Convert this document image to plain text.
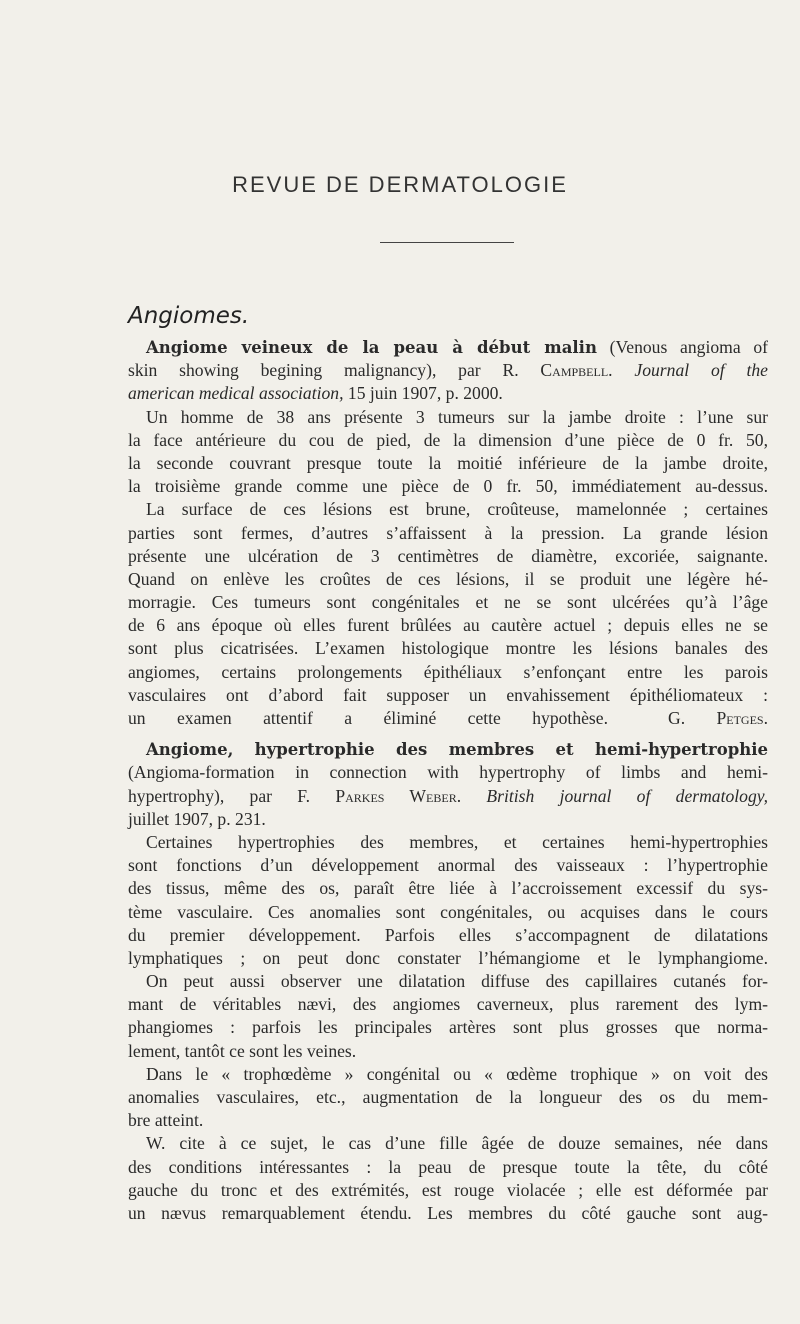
REVUE DE DERMATOLOGIE
Angiomes.
Angiome veineux de la peau à début malin (Venous angioma of
skin showing begining malignancy), par R. Campbell. Journal of the
american medical association, 15 juin 1907, p. 2000.
Un homme de 38 ans présente 3 tumeurs sur la jambe droite : l’une sur
la face antérieure du cou de pied, de la dimension d’une pièce de 0 fr. 50,
la seconde couvrant presque toute la moitié inférieure de la jambe droite,
la troisième grande comme une pièce de 0 fr. 50, immédiatement au-dessus.
La surface de ces lésions est brune, croûteuse, mamelonnée ; certaines
parties sont fermes, d’autres s’affaissent à la pression. La grande lésion
présente une ulcération de 3 centimètres de diamètre, excoriée, saignante.
Quand on enlève les croûtes de ces lésions, il se produit une légère hé-
morragie. Ces tumeurs sont congénitales et ne se sont ulcérées qu’à l’âge
de 6 ans époque où elles furent brûlées au cautère actuel ; depuis elles ne se
sont plus cicatrisées. L’examen histologique montre les lésions banales des
angiomes, certains prolongements épithéliaux s’enfonçant entre les parois
vasculaires ont d’abord fait supposer un envahissement épithéliomateux :
un examen attentif a éliminé cette hypothèse.	G. Petges.
Angiome, hypertrophie des membres et hemi-hypertrophie
(Angioma-formation in connection with hypertrophy of limbs and hemi-
hypertrophy), par F. Parkes Weber. British journal of dermatology,
juillet 1907, p. 231.
Certaines hypertrophies des membres, et certaines hemi-hypertrophies
sont fonctions d’un développement anormal des vaisseaux : l’hypertrophie
des tissus, même des os, paraît être liée à l’accroissement excessif du sys-
tème vasculaire. Ces anomalies sont congénitales, ou acquises dans le cours
du premier développement. Parfois elles s’accompagnent de dilatations
lymphatiques ; on peut donc constater l’hémangiome et le lymphangiome.
On peut aussi observer une dilatation diffuse des capillaires cutanés for-
mant de véritables nævi, des angiomes caverneux, plus rarement des lym-
phangiomes : parfois les principales artères sont plus grosses que norma-
lement, tantôt ce sont les veines.
Dans le « trophœdème » congénital ou « œdème trophique » on voit des
anomalies vasculaires, etc., augmentation de la longueur des os du mem-
bre atteint.
W. cite à ce sujet, le cas d’une fille âgée de douze semaines, née dans
des conditions intéressantes : la peau de presque toute la tête, du côté
gauche du tronc et des extrémités, est rouge violacée ; elle est déformée par
un nævus remarquablement étendu. Les membres du côté gauche sont aug-
